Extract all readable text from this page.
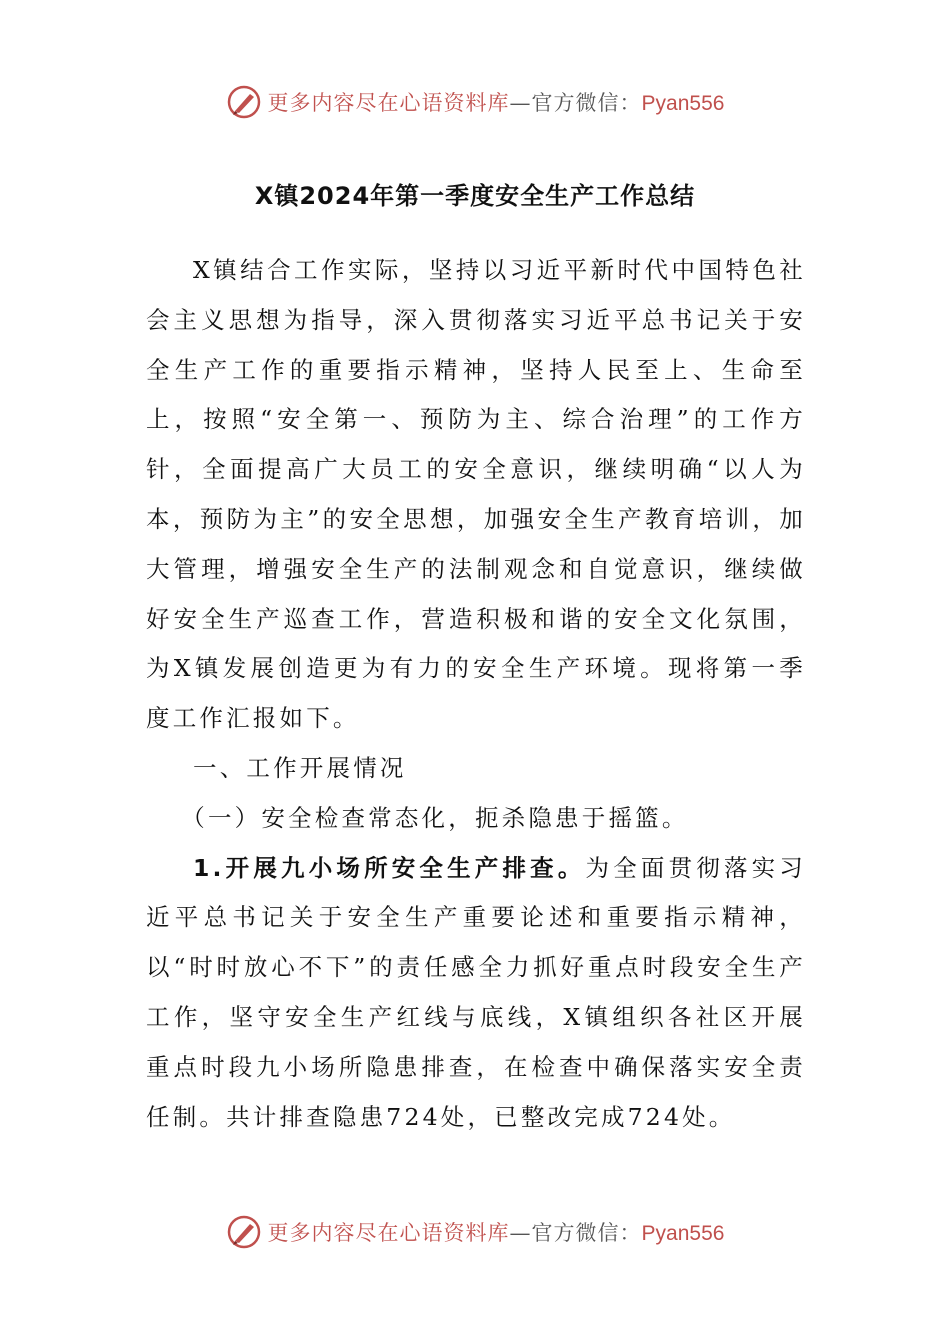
更多内容尽在心语资料库—官方微信：Pyan556
X镇2024年第一季度安全生产工作总结

X镇结合工作实际，坚持以习近平新时代中国特色社会主义思想为指导，深入贯彻落实习近平总书记关于安全生产工作的重要指示精神，坚持人民至上、生命至上，按照“安全第一、预防为主、综合治理”的工作方针，全面提高广大员工的安全意识，继续明确“以人为本，预防为主”的安全思想，加强安全生产教育培训，加大管理，增强安全生产的法制观念和自觉意识，继续做好安全生产巡查工作，营造积极和谐的安全文化氛围，为X镇发展创造更为有力的安全生产环境。现将第一季度工作汇报如下。

一、工作开展情况

（一）安全检查常态化，扼杀隐患于摇篮。

1.开展九小场所安全生产排查。为全面贯彻落实习近平总书记关于安全生产重要论述和重要指示精神，以“时时放心不下”的责任感全力抓好重点时段安全生产工作，坚守安全生产红线与底线，X镇组织各社区开展重点时段九小场所隐患排查，在检查中确保落实安全责任制。共计排查隐患724处，已整改完成724处。

更多内容尽在心语资料库—官方微信：Pyan556
